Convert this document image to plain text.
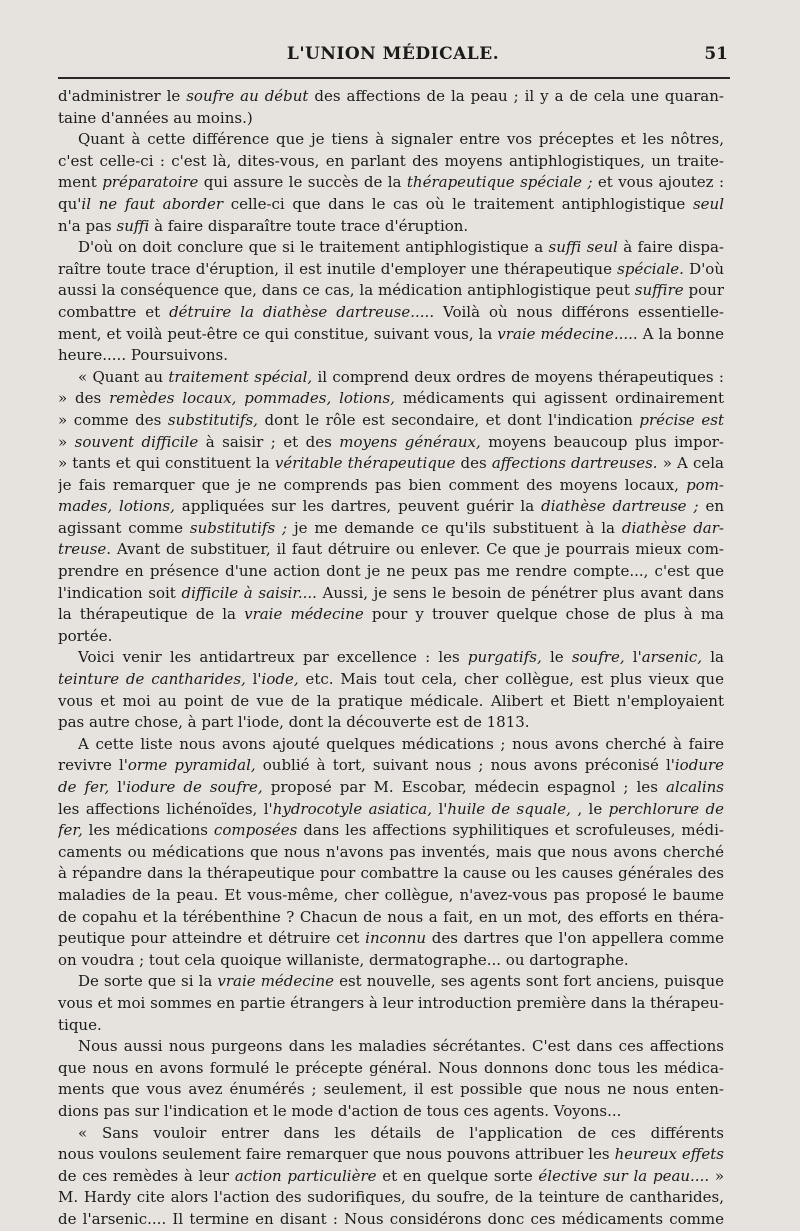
L'UNION MÉDICALE.	51
d'administrer le soufre au début des affections de la peau ; il y a de cela une quaran-
taine d'années au moins.)
Quant à cette différence que je tiens à signaler entre vos préceptes et les nôtres,
c'est celle-ci : c'est là, dites-vous, en parlant des moyens antiphlogistiques, un traite-
ment préparatoire qui assure le succès de la thérapeutique spéciale ; et vous ajoutez :
qu'il ne faut aborder celle-ci que dans le cas où le traitement antiphlogistique seul
n'a pas suffi à faire disparaître toute trace d'éruption.
D'où on doit conclure que si le traitement antiphlogistique a suffi seul à faire dispa-
raître toute trace d'éruption, il est inutile d'employer une thérapeutique spéciale. D'où
aussi la conséquence que, dans ce cas, la médication antiphlogistique peut suffire pour
combattre et détruire la diathèse dartreuse..... Voilà où nous différons essentielle-
ment, et voilà peut-être ce qui constitue, suivant vous, la vraie médecine..... A la bonne
heure..... Poursuivons.
« Quant au traitement spécial, il comprend deux ordres de moyens thérapeutiques :
» des remèdes locaux, pommades, lotions, médicaments qui agissent ordinairement
» comme des substitutifs, dont le rôle est secondaire, et dont l'indication précise est
» souvent difficile à saisir ; et des moyens généraux, moyens beaucoup plus impor-
» tants et qui constituent la véritable thérapeutique des affections dartreuses. » A cela
je fais remarquer que je ne comprends pas bien comment des moyens locaux, pom-
mades, lotions, appliquées sur les dartres, peuvent guérir la diathèse dartreuse ; en
agissant comme substitutifs ; je me demande ce qu'ils substituent à la diathèse dar-
treuse. Avant de substituer, il faut détruire ou enlever. Ce que je pourrais mieux com-
prendre en présence d'une action dont je ne peux pas me rendre compte..., c'est que
l'indication soit difficile à saisir.... Aussi, je sens le besoin de pénétrer plus avant dans
la thérapeutique de la vraie médecine pour y trouver quelque chose de plus à ma
portée.
Voici venir les antidartreux par excellence : les purgatifs, le soufre, l'arsenic, la
teinture de cantharides, l'iode, etc. Mais tout cela, cher collègue, est plus vieux que
vous et moi au point de vue de la pratique médicale. Alibert et Biett n'employaient
pas autre chose, à part l'iode, dont la découverte est de 1813.
A cette liste nous avons ajouté quelques médications ; nous avons cherché à faire
revivre l'orme pyramidal, oublié à tort, suivant nous ; nous avons préconisé l'iodure
de fer, l'iodure de soufre, proposé par M. Escobar, médecin espagnol ; les alcalins
les affections lichénoïdes, l'hydrocotyle asiatica, l'huile de squale, , le perchlorure de
fer, les médications composées dans les affections syphilitiques et scrofuleuses, médi-
caments ou médications que nous n'avons pas inventés, mais que nous avons cherché
à répandre dans la thérapeutique pour combattre la cause ou les causes générales des
maladies de la peau. Et vous-même, cher collègue, n'avez-vous pas proposé le baume
de copahu et la térébenthine ? Chacun de nous a fait, en un mot, des efforts en théra-
peutique pour atteindre et détruire cet inconnu des dartres que l'on appellera comme
on voudra ; tout cela quoique willaniste, dermatographe... ou dartographe.
De sorte que si la vraie médecine est nouvelle, ses agents sont fort anciens, puisque
vous et moi sommes en partie étrangers à leur introduction première dans la thérapeu-
tique.
Nous aussi nous purgeons dans les maladies sécrétantes. C'est dans ces affections
que nous en avons formulé le précepte général. Nous donnons donc tous les médica-
ments que vous avez énumérés ; seulement, il est possible que nous ne nous enten-
dions pas sur l'indication et le mode d'action de tous ces agents. Voyons...
« Sans vouloir entrer dans les détails de l'application de ces différents
nous voulons seulement faire remarquer que nous pouvons attribuer les heureux effets
de ces remèdes à leur action particulière et en quelque sorte élective sur la peau.... »
M. Hardy cite alors l'action des sudorifiques, du soufre, de la teinture de cantharides,
de l'arsenic.... Il termine en disant : Nous considérons donc ces médicaments comme
